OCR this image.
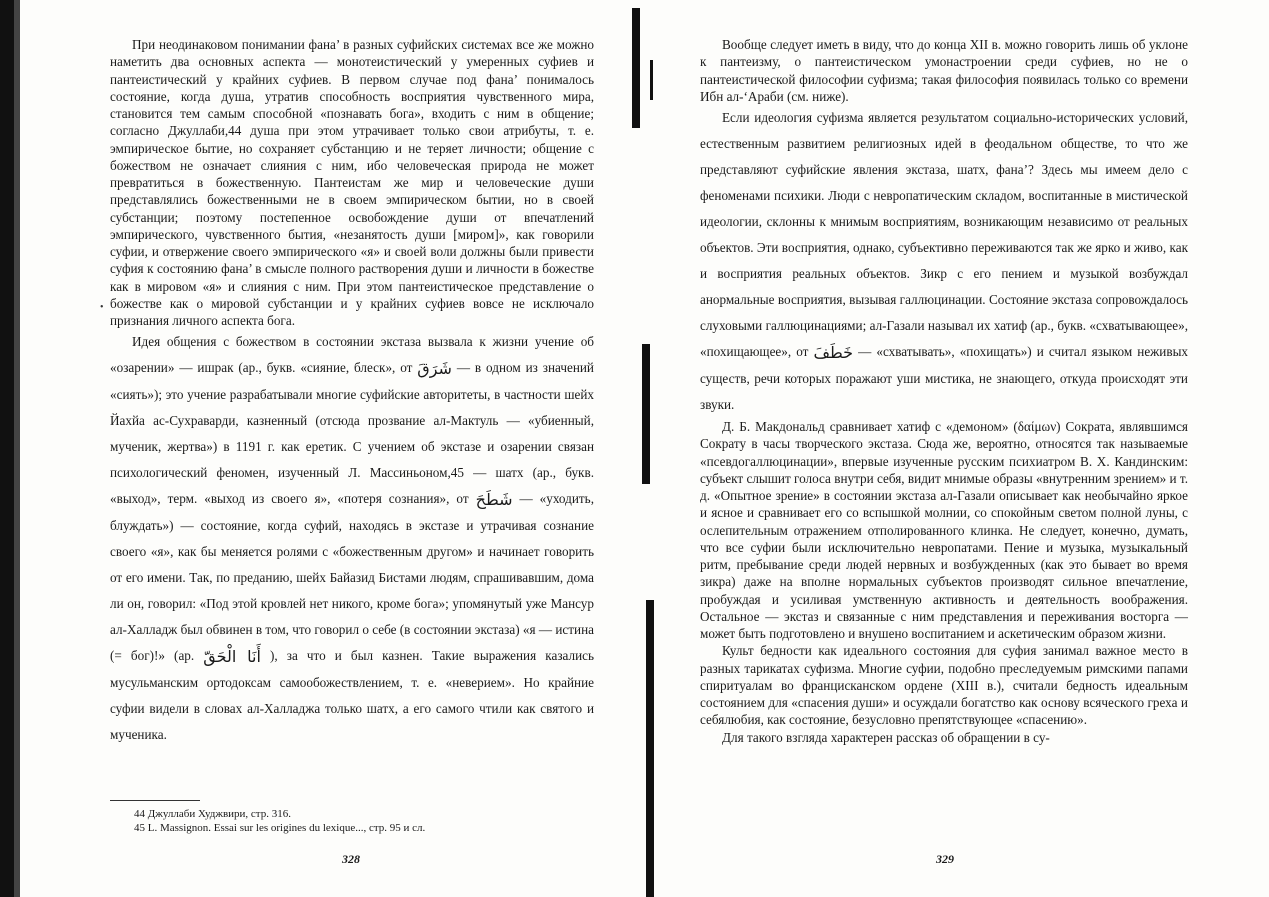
•

При неодинаковом понимании фана’ в разных суфийских системах все же можно наметить два основных аспекта — монотеистический у умеренных суфиев и пантеистический у крайних суфиев. В первом случае под фана’ понималось состояние, когда душа, утратив способность восприятия чувственного мира, становится тем самым способной «познавать бога», входить с ним в общение; согласно Джуллаби,44 душа при этом утрачивает только свои атрибуты, т. е. эмпирическое бытие, но сохраняет субстанцию и не теряет личности; общение с божеством не означает слияния с ним, ибо человеческая природа не может превратиться в божественную. Пантеистам же мир и человеческие души представлялись божественными не в своем эмпирическом бытии, но в своей субстанции; поэтому постепенное освобождение души от впечатлений эмпирического, чувственного бытия, «незанятость души [миром]», как говорили суфии, и отвержение своего эмпирического «я» и своей воли должны были привести суфия к состоянию фана’ в смысле полного растворения души и личности в божестве как в мировом «я» и слияния с ним. При этом пантеистическое представление о божестве как о мировой субстанции и у крайних суфиев вовсе не исключало признания личного аспекта бога.

Идея общения с божеством в состоянии экстаза вызвала к жизни учение об «озарении» — ишрак (ар., букв. «сияние, блеск», от شَرَقَ — в одном из значений «сиять»); это учение разрабатывали многие суфийские авторитеты, в частности шейх Йахйа ас-Сухраварди, казненный (отсюда прозвание ал-Мактуль — «убиенный, мученик, жертва») в 1191 г. как еретик. С учением об экстазе и озарении связан психологический феномен, изученный Л. Массиньоном,45 — шатх (ар., букв. «выход», терм. «выход из своего я», «потеря сознания», от شَطَحَ — «уходить, блуждать») — состояние, когда суфий, находясь в экстазе и утрачивая сознание своего «я», как бы меняется ролями с «божественным другом» и начинает говорить от его имени. Так, по преданию, шейх Байазид Бистами людям, спрашивавшим, дома ли он, говорил: «Под этой кровлей нет никого, кроме бога»; упомянутый уже Мансур ал-Халладж был обвинен в том, что говорил о себе (в состоянии экстаза) «я — истина (= бог)!» (ар. أَنَا الْحَقّ ), за что и был казнен. Такие выражения казались мусульманским ортодоксам самообожествлением, т. е. «неверием». Но крайние суфии видели в словах ал-Халладжа только шатх, а его самого чтили как святого и мученика.

44 Джуллаби Худжвири, стр. 316.

45 L. Massignon. Essai sur les origines du lexique..., стр. 95 и сл.

328

Вообще следует иметь в виду, что до конца XII в. можно говорить лишь об уклоне к пантеизму, о пантеистическом умонастроении среди суфиев, но не о пантеистической философии суфизма; такая философия появилась только со времени Ибн ал-‘Араби (см. ниже).

Если идеология суфизма является результатом социально-исторических условий, естественным развитием религиозных идей в феодальном обществе, то что же представляют суфийские явления экстаза, шатх, фана’? Здесь мы имеем дело с феноменами психики. Люди с невропатическим складом, воспитанные в мистической идеологии, склонны к мнимым восприятиям, возникающим независимо от реальных объектов. Эти восприятия, однако, субъективно переживаются так же ярко и живо, как и восприятия реальных объектов. Зикр с его пением и музыкой возбуждал анормальные восприятия, вызывая галлюцинации. Состояние экстаза сопровождалось слуховыми галлюцинациями; ал-Газали называл их хатиф (ар., букв. «схватывающее», «похищающее», от خَطَفَ — «схватывать», «похищать») и считал языком неживых существ, речи которых поражают уши мистика, не знающего, откуда происходят эти звуки.

Д. Б. Макдональд сравнивает хатиф с «демоном» (δαίμων) Сократа, являвшимся Сократу в часы творческого экстаза. Сюда же, вероятно, относятся так называемые «псевдогаллюцинации», впервые изученные русским психиатром В. Х. Кандинским: субъект слышит голоса внутри себя, видит мнимые образы «внутренним зрением» и т. д. «Опытное зрение» в состоянии экстаза ал-Газали описывает как необычайно яркое и ясное и сравнивает его со вспышкой молнии, со спокойным светом полной луны, с ослепительным отражением отполированного клинка. Не следует, конечно, думать, что все суфии были исключительно невропатами. Пение и музыка, музыкальный ритм, пребывание среди людей нервных и возбужденных (как это бывает во время зикра) даже на вполне нормальных субъектов производят сильное впечатление, пробуждая и усиливая умственную активность и деятельность воображения. Остальное — экстаз и связанные с ним представления и переживания восторга — может быть подготовлено и внушено воспитанием и аскетическим образом жизни.

Культ бедности как идеального состояния для суфия занимал важное место в разных тарикатах суфизма. Многие суфии, подобно преследуемым римскими папами спиритуалам во францисканском ордене (XIII в.), считали бедность идеальным состоянием для «спасения души» и осуждали богатство как основу всяческого греха и себялюбия, как состояние, безусловно препятствующее «спасению».

Для такого взгляда характерен рассказ об обращении в су-

329
